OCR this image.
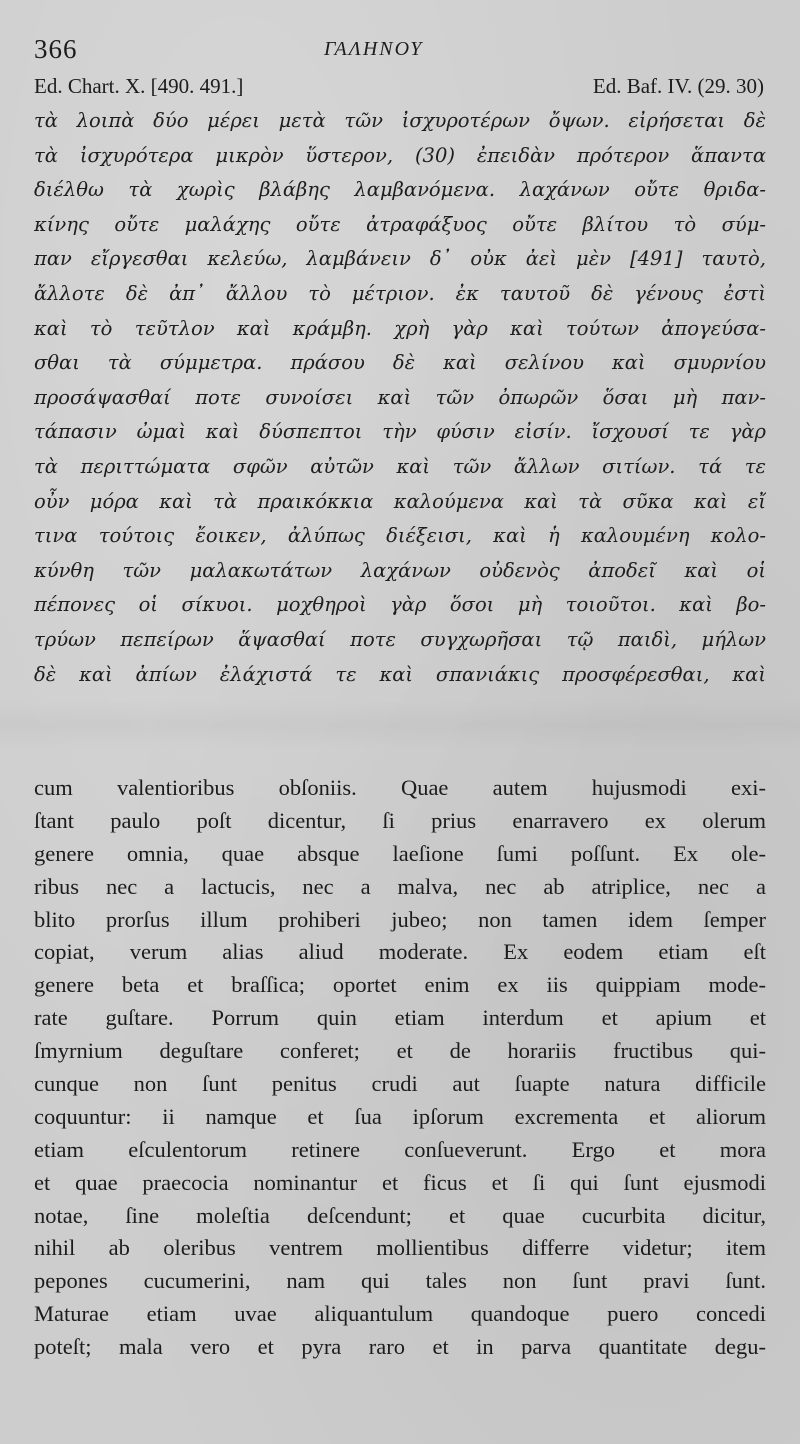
366	ΓΑΛΗΝΟΥ
Ed. Chart. X. [490. 491.]	Ed. Baf. IV. (29. 30)
τὰ λοιπὰ δύο μέρει μετὰ τῶν ἰσχυροτέρων ὄψων. εἰρήσεται δὲ
τὰ ἰσχυρότερα μικρὸν ὕστερον, (30) ἐπειδὰν πρότερον ἅπαντα
διέλθω τὰ χωρὶς βλάβης λαμβανόμενα. λαχάνων οὔτε θριδα-
κίνης οὔτε μαλάχης οὔτε ἀτραφάξυος οὔτε βλίτου τὸ σύμ-
παν εἴργεσθαι κελεύω, λαμβάνειν δ᾽ οὐκ ἀεὶ μὲν [491] ταυτὸ,
ἄλλοτε δὲ ἀπ᾽ ἄλλου τὸ μέτριον. ἐκ ταυτοῦ δὲ γένους ἐστὶ
καὶ τὸ τεῦτλον καὶ κράμβη. χρὴ γὰρ καὶ τούτων ἀπογεύσα-
σθαι τὰ σύμμετρα. πράσου δὲ καὶ σελίνου καὶ σμυρνίου
προσάψασθαί ποτε συνοίσει καὶ τῶν ὀπωρῶν ὅσαι μὴ παν-
τάπασιν ὠμαὶ καὶ δύσπεπτοι τὴν φύσιν εἰσίν. ἴσχουσί τε γὰρ
τὰ περιττώματα σφῶν αὐτῶν καὶ τῶν ἄλλων σιτίων. τά τε
οὖν μόρα καὶ τὰ πραικόκκια καλούμενα καὶ τὰ σῦκα καὶ εἴ
τινα τούτοις ἔοικεν, ἀλύπως διέξεισι, καὶ ἡ καλουμένη κολο-
κύνθη τῶν μαλακωτάτων λαχάνων οὐδενὸς ἀποδεῖ καὶ οἱ
πέπονες οἱ σίκυοι. μοχθηροὶ γὰρ ὅσοι μὴ τοιοῦτοι. καὶ βο-
τρύων πεπείρων ἅψασθαί ποτε συγχωρῆσαι τῷ παιδὶ, μήλων
δὲ καὶ ἀπίων ἐλάχιστά τε καὶ σπανιάκις προσφέρεσθαι, καὶ
cum valentioribus obſoniis. Quae autem hujusmodi exi-
ſtant paulo poſt dicentur, ſi prius enarravero ex olerum
genere omnia, quae absque laeſione ſumi poſſunt. Ex ole-
ribus nec a lactucis, nec a malva, nec ab atriplice, nec a
blito prorſus illum prohiberi jubeo; non tamen idem ſemper
copiat, verum alias aliud moderate. Ex eodem etiam eſt
genere beta et braſſica; oportet enim ex iis quippiam mode-
rate guſtare. Porrum quin etiam interdum et apium et
ſmyrnium deguſtare conferet; et de horariis fructibus qui-
cunque non ſunt penitus crudi aut ſuapte natura difficile
coquuntur: ii namque et ſua ipſorum excrementa et aliorum
etiam eſculentorum retinere conſueverunt. Ergo et mora
et quae praecocia nominantur et ficus et ſi qui ſunt ejusmodi
notae, ſine moleſtia deſcendunt; et quae cucurbita dicitur,
nihil ab oleribus ventrem mollientibus differre videtur; item
pepones cucumerini, nam qui tales non ſunt pravi ſunt.
Maturae etiam uvae aliquantulum quandoque puero concedi
poteſt; mala vero et pyra raro et in parva quantitate degu-
